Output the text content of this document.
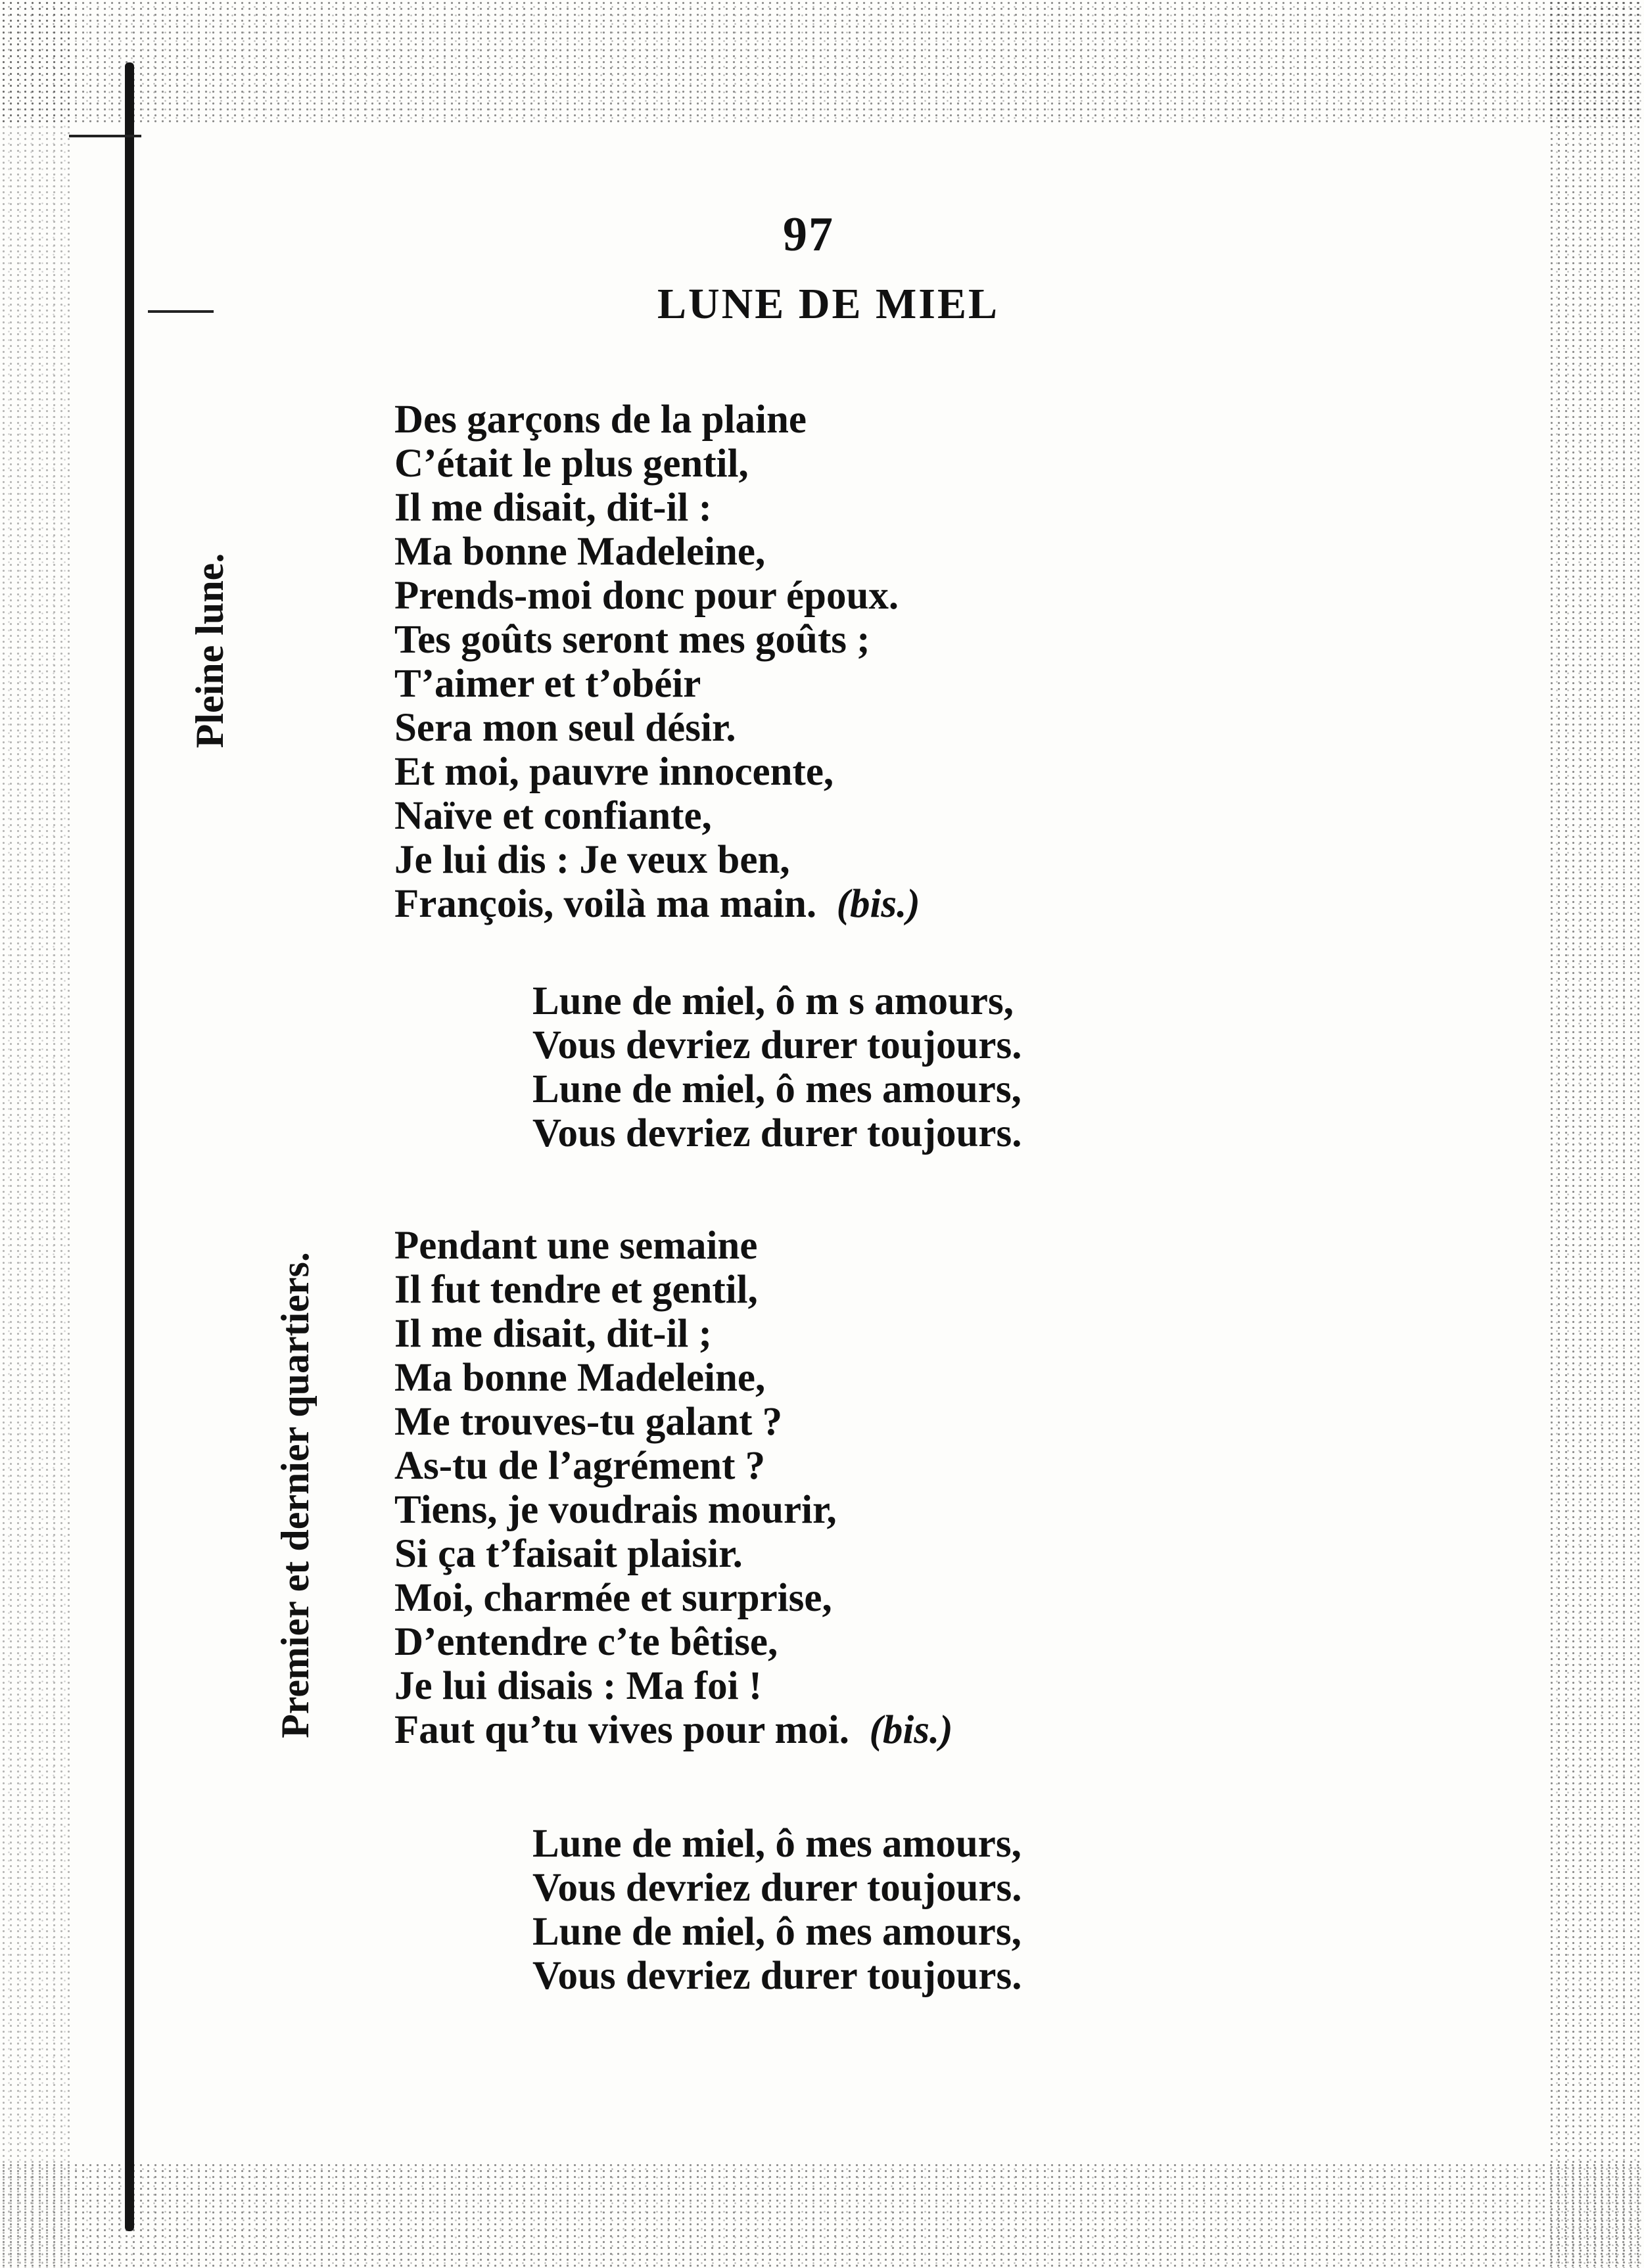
97
LUNE DE MIEL
Pleine lune.
Premier et dernier quartiers.
Des garçons de la plaine
C’était le plus gentil,
Il me disait, dit-il :
Ma bonne Madeleine,
Prends-moi donc pour époux.
Tes goûts seront mes goûts ;
T’aimer et t’obéir
Sera mon seul désir.
Et moi, pauvre innocente,
Naïve et confiante,
Je lui dis : Je veux ben,
François, voilà ma main. (bis.)
Lune de miel, ô m s amours,
Vous devriez durer toujours.
Lune de miel, ô mes amours,
Vous devriez durer toujours.
Pendant une semaine
Il fut tendre et gentil,
Il me disait, dit-il ;
Ma bonne Madeleine,
Me trouves-tu galant ?
As-tu de l’agrément ?
Tiens, je voudrais mourir,
Si ça t’faisait plaisir.
Moi, charmée et surprise,
D’entendre c’te bêtise,
Je lui disais : Ma foi !
Faut qu’tu vives pour moi. (bis.)
Lune de miel, ô mes amours,
Vous devriez durer toujours.
Lune de miel, ô mes amours,
Vous devriez durer toujours.
